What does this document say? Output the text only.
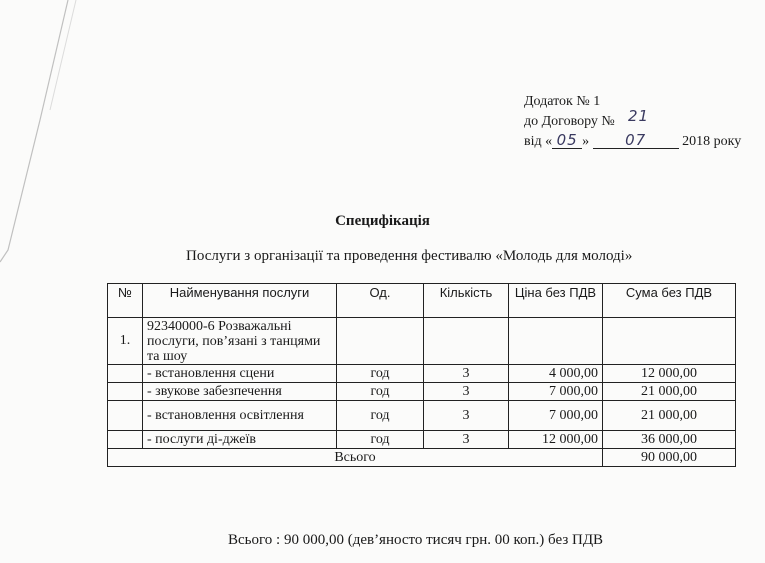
Додаток № 1
до Договору № 21
від « 05 » 07	2018 року
Специфікація
Послуги з організації та проведення фестивалю «Молодь для молоді»
№	Найменування послуги	Од.	Кількість	Ціна без ПДВ	Сума без ПДВ
1.	92340000-6 Розважальні послуги, пов’язані з танцями та шоу				
	- встановлення сцени	год	3	4 000,00	12 000,00
	- звукове забезпечення	год	3	7 000,00	21 000,00
	- встановлення освітлення	год	3	7 000,00	21 000,00
	- послуги ді-джеїв	год	3	12 000,00	36 000,00
Всього					90 000,00
Всього : 90 000,00 (дев’яносто тисяч грн. 00 коп.) без ПДВ
